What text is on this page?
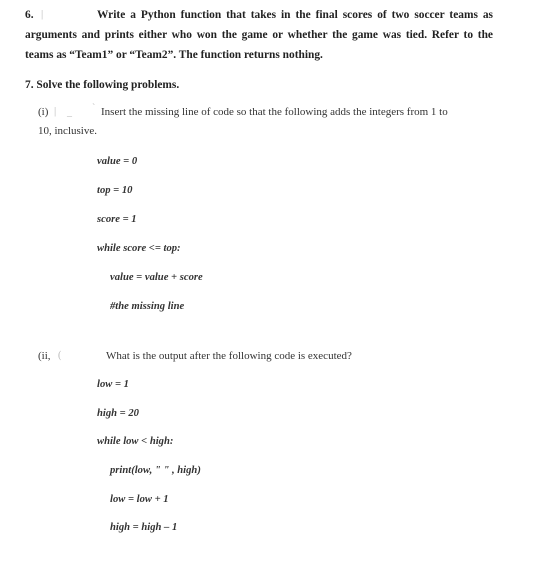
6. |	Write a Python function that takes in the final scores of two soccer teams as
arguments and prints either who won the game or whether the game was tied. Refer to the
teams as “Team1” or “Team2”. The function returns nothing.
7. Solve the following problems.
(i) | _ ` Insert the missing line of code so that the following adds the integers from 1 to
10, inclusive.
value = 0
top = 10
score = 1
while score <= top:
value = value + score
#the missing line
(ii, (	What is the output after the following code is executed?
low = 1
high = 20
while low < high:
print(low, " " , high)
low = low + 1
high = high – 1
